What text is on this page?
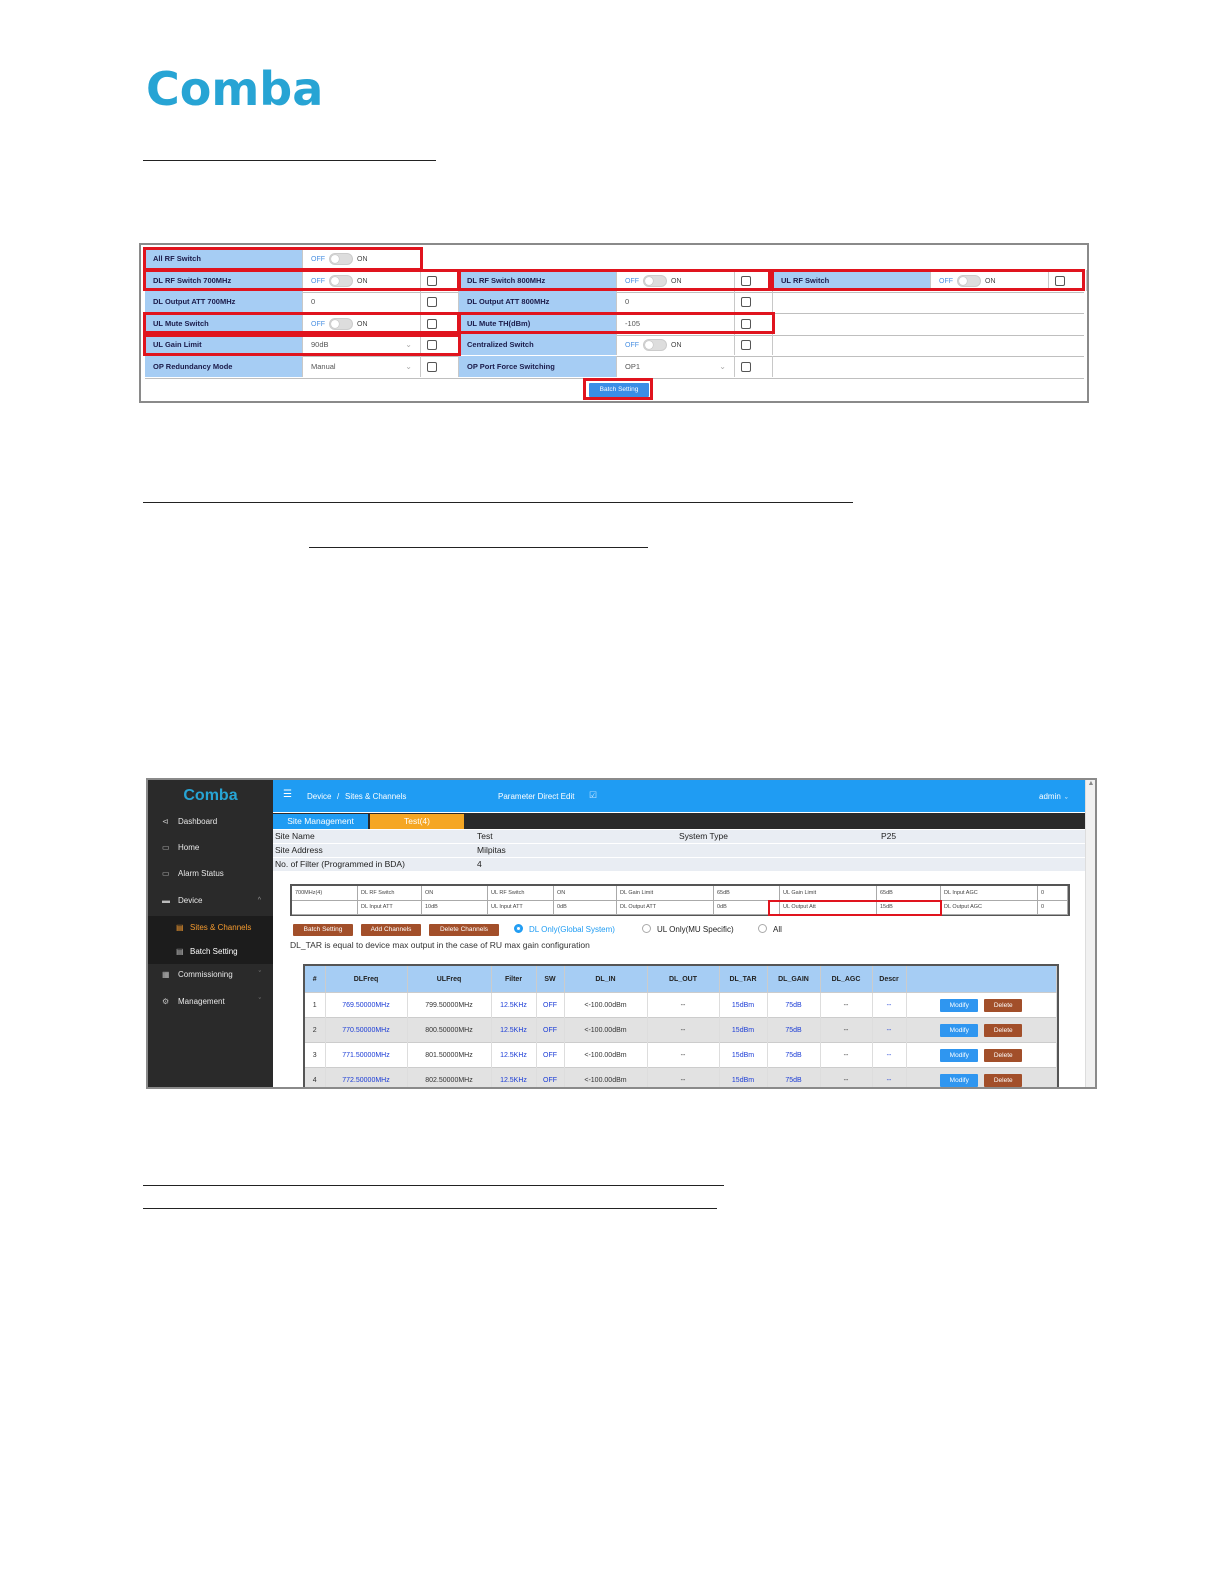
Comba
All RF Switch	OFF	ON
DL RF Switch 700MHz	OFF	ON	DL RF Switch 800MHz	OFF	ON	UL RF Switch	OFF	ON
DL Output ATT 700MHz	0	DL Output ATT 800MHz	0
UL Mute Switch	OFF	ON	UL Mute TH(dBm)	-105
UL Gain Limit	90dB	⌄	Centralized Switch	OFF	ON
OP Redundancy Mode	Manual	⌄	OP Port Force Switching	OP1	⌄
Batch Setting
Comba
⊲ Dashboard
▭ Home
▭ Alarm Status
▬ Device	^
▤ Sites & Channels
▤ Batch Setting
▦ Commissioning	ˇ
⚙ Management	ˇ
☰ Device / Sites & Channels	Parameter Direct Edit ☑	admin ˬ
▲
Site Management	Test(4)
Site Name	Test	System Type	P25
Site Address	Milpitas
No. of Filter (Programmed in BDA)	4
700MHz(4)	DL RF Switch	ON	UL RF Switch	ON	DL Gain Limit	65dB	UL Gain Limit	65dB	DL Input AGC	0
DL Input ATT	10dB	UL Input ATT	0dB	DL Output ATT	0dB	UL Output Att	15dB	DL Output AGC	0
Batch Setting	Add Channels	Delete Channels	DL Only(Global System)	UL Only(MU Specific)	All
DL_TAR is equal to device max output in the case of RU max gain configuration
#	DLFreq	ULFreq	Filter	SW	DL_IN	DL_OUT	DL_TAR	DL_GAIN	DL_AGC	Descr	
1	769.50000MHz	799.50000MHz	12.5KHz	OFF	<-100.00dBm	--	15dBm	75dB	--	--	Modify Delete
2	770.50000MHz	800.50000MHz	12.5KHz	OFF	<-100.00dBm	--	15dBm	75dB	--	--	Modify Delete
3	771.50000MHz	801.50000MHz	12.5KHz	OFF	<-100.00dBm	--	15dBm	75dB	--	--	Modify Delete
4	772.50000MHz	802.50000MHz	12.5KHz	OFF	<-100.00dBm	--	15dBm	75dB	--	--	Modify Delete
